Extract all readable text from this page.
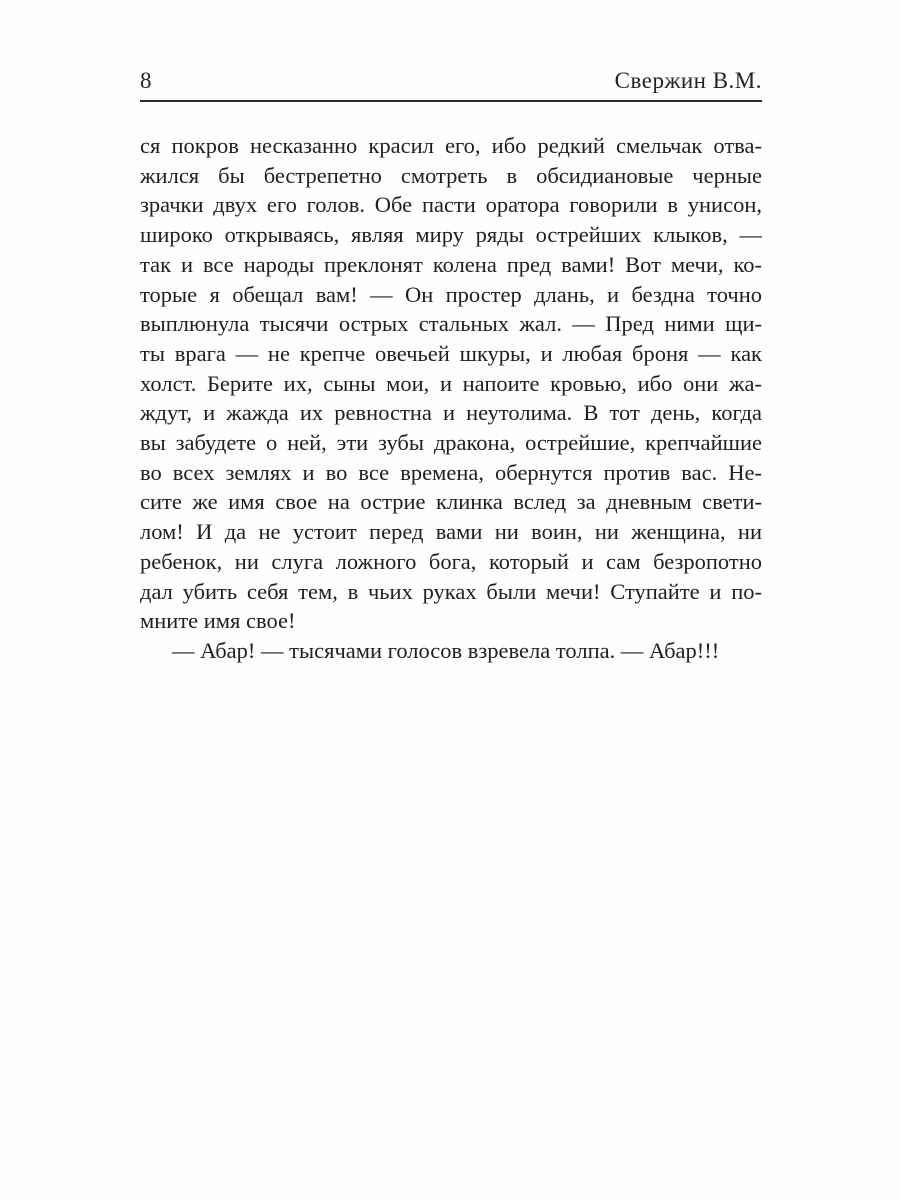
8	Свержин В.М.
ся покров несказанно красил его, ибо редкий смельчак отва-
жился бы бестрепетно смотреть в обсидиановые черные
зрачки двух его голов. Обе пасти оратора говорили в унисон,
широко открываясь, являя миру ряды острейших клыков, —
так и все народы преклонят колена пред вами! Вот мечи, ко-
торые я обещал вам! — Он простер длань, и бездна точно
выплюнула тысячи острых стальных жал. — Пред ними щи-
ты врага — не крепче овечьей шкуры, и любая броня — как
холст. Берите их, сыны мои, и напоите кровью, ибо они жа-
ждут, и жажда их ревностна и неутолима. В тот день, когда
вы забудете о ней, эти зубы дракона, острейшие, крепчайшие
во всех землях и во все времена, обернутся против вас. Не-
сите же имя свое на острие клинка вслед за дневным свети-
лом! И да не устоит перед вами ни воин, ни женщина, ни
ребенок, ни слуга ложного бога, который и сам безропотно
дал убить себя тем, в чьих руках были мечи! Ступайте и по-
мните имя свое!
— Абар! — тысячами голосов взревела толпа. — Абар!!!
